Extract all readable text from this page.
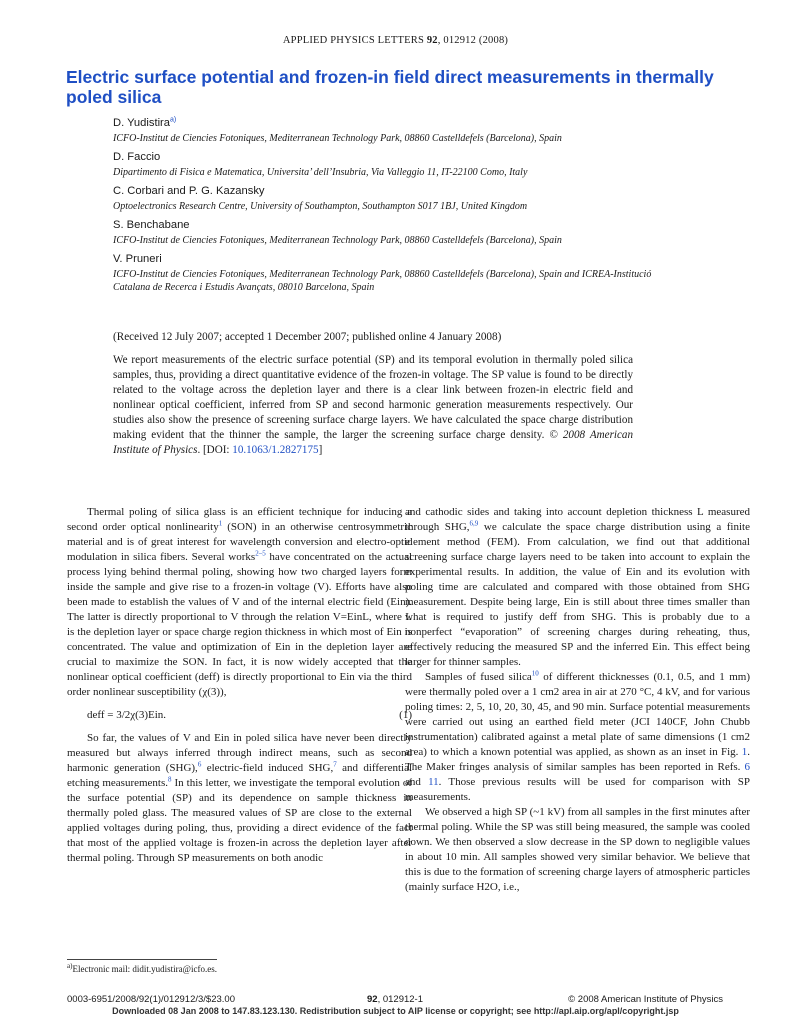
APPLIED PHYSICS LETTERS 92, 012912 (2008)
Electric surface potential and frozen-in field direct measurements in thermally poled silica
D. Yudistira$^{a)}$
ICFO-Institut de Ciencies Fotoniques, Mediterranean Technology Park, 08860 Castelldefels (Barcelona), Spain
D. Faccio
Dipartimento di Fisica e Matematica, Universita’ dell’Insubria, Via Valleggio 11, IT-22100 Como, Italy
C. Corbari and P. G. Kazansky
Optoelectronics Research Centre, University of Southampton, Southampton S017 1BJ, United Kingdom
S. Benchabane
ICFO-Institut de Ciencies Fotoniques, Mediterranean Technology Park, 08860 Castelldefels (Barcelona), Spain
V. Pruneri
ICFO-Institut de Ciencies Fotoniques, Mediterranean Technology Park, 08860 Castelldefels (Barcelona), Spain and ICREA-Institució Catalana de Recerca i Estudis Avançats, 08010 Barcelona, Spain
(Received 12 July 2007; accepted 1 December 2007; published online 4 January 2008)
We report measurements of the electric surface potential (SP) and its temporal evolution in thermally poled silica samples, thus, providing a direct quantitative evidence of the frozen-in voltage. The SP value is found to be directly related to the voltage across the depletion layer and there is a clear link between frozen-in electric field and nonlinear optical coefficient, inferred from SP and second harmonic generation measurements respectively. Our studies also show the presence of screening surface charge layers. We have calculated the space charge distribution making evident that the thinner the sample, the larger the screening surface charge density. © 2008 American Institute of Physics. [DOI: 10.1063/1.2827175]

Thermal poling of silica glass is an efficient technique for inducing a second order optical nonlinearity$^1$ (SON) in an otherwise centrosymmetric material and is of great interest for wavelength conversion and electro-optic modulation in silica fibers. Several works$^{2-5}$ have concentrated on the actual process lying behind thermal poling, showing how two charged layers form inside the sample and give rise to a frozen-in voltage (V). Efforts have also been made to establish the values of V and of the internal electric field (Ein). The latter is directly proportional to V through the relation V=EinL, where L is the depletion layer or space charge region thickness in which most of Ein is concentrated. The value and optimization of Ein in the depletion layer are crucial to maximize the SON. In fact, it is now widely accepted that the nonlinear optical coefficient (deff) is directly proportional to Ein via the third order nonlinear susceptibility (χ(3)),

deff = 3/2χ(3)Ein.	(1)

So far, the values of V and Ein in poled silica have never been directly measured but always inferred through indirect means, such as second harmonic generation (SHG),$^6$ electric-field induced SHG,$^7$ and differential etching measurements.$^8$ In this letter, we investigate the temporal evolution of the surface potential (SP) and its dependence on sample thickness in thermally poled glass. The measured values of SP are close to the external applied voltages during poling, thus, providing a direct evidence of the fact that most of the applied voltage is frozen-in across the depletion layer after thermal poling. Through SP measurements on both anodic

and cathodic sides and taking into account depletion thickness L measured through SHG,$^{6,9}$ we calculate the space charge distribution using a finite element method (FEM). From calculation, we find out that additional screening surface charge layers need to be taken into account to explain the experimental results. In addition, the value of Ein and its evolution with poling time are calculated and compared with those obtained from SHG measurement. Despite being large, Ein is still about three times smaller than what is required to justify deff from SHG. This is probably due to a nonperfect “evaporation” of screening charges during reheating, thus, effectively reducing the measured SP and the inferred Ein. This effect being larger for thinner samples.

Samples of fused silica$^{10}$ of different thicknesses (0.1, 0.5, and 1 mm) were thermally poled over a 1 cm2 area in air at 270 °C, 4 kV, and for various poling times: 2, 5, 10, 20, 30, 45, and 90 min. Surface potential measurements were carried out using an earthed field meter (JCI 140CF, John Chubb instrumentation) calibrated against a metal plate of same dimensions (1 cm2 area) to which a known potential was applied, as shown as an inset in Fig. 1. The Maker fringes analysis of similar samples has been reported in Refs. 6 and 11. Those previous results will be used for comparison with SP measurements.

We observed a high SP (~1 kV) from all samples in the first minutes after thermal poling. While the SP was still being measured, the sample was cooled down. We then observed a slow decrease in the SP down to negligible values in about 10 min. All samples showed very similar behavior. We believe that this is due to the formation of screening charge layers of atmospheric particles (mainly surface H2O, i.e.,

$^{a)}$Electronic mail: didit.yudistira@icfo.es.
0003-6951/2008/92(1)/012912/3/$23.00	92, 012912-1	© 2008 American Institute of Physics
Downloaded 08 Jan 2008 to 147.83.123.130. Redistribution subject to AIP license or copyright; see http://apl.aip.org/apl/copyright.jsp
